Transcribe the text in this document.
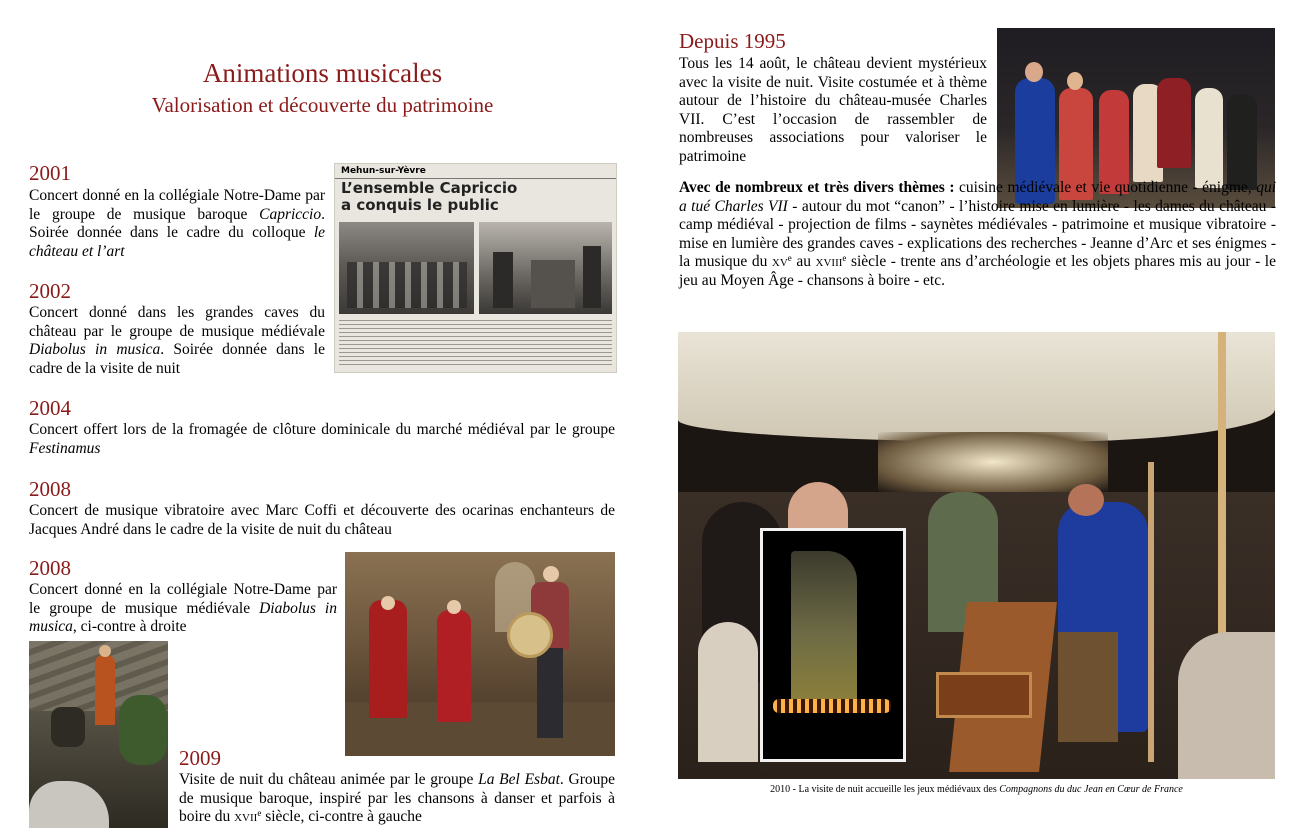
Animations musicales
Valorisation et découverte du patrimoine
2001

Concert donné en la collégiale Notre-Dame par le groupe de musique baroque Capriccio. Soirée donnée dans le cadre du colloque le château et l’art

Mehun-sur-Yèvre
L’ensemble Capriccio
a conquis le public
2002

Concert donné dans les grandes caves du château par le groupe de musique médiévale Diabolus in musica. Soirée donnée dans le cadre de la visite de nuit

2004

Concert offert lors de la fromagée de clôture dominicale du marché médiéval par le groupe Festinamus

2008

Concert de musique vibratoire avec Marc Coffi et découverte des ocarinas enchanteurs de Jacques André dans le cadre de la visite de nuit du château

2008

Concert donné en la collégiale Notre-Dame par le groupe de musique médiévale Diabolus in musica, ci-contre à droite

2009

Visite de nuit du château animée par le groupe La Bel Esbat. Groupe de musique baroque, inspiré par les chansons à danser et parfois à boire du xvii$^e$ siècle, ci-contre à gauche

Depuis 1995

Tous les 14 août, le château devient mystérieux avec la visite de nuit. Visite costumée et à thème autour de l’histoire du château-musée Charles VII. C’est l’occasion de rassembler de nombreuses associations pour valoriser le patrimoine

Avec de nombreux et très divers thèmes : cuisine médiévale et vie quotidienne - énigme, qui a tué Charles VII - autour du mot “canon” - l’histoire mise en lumière - les dames du château - camp médiéval - projection de films - saynètes médiévales - patrimoine et musique vibratoire - mise en lumière des grandes caves - explications des recherches - Jeanne d’Arc et ses énigmes - la musique du $xv^e$ au xviii$^e$ siècle - trente ans d’archéologie et les objets phares mis au jour - le jeu au Moyen Âge - chansons à boire - etc.

2010 - La visite de nuit accueille les jeux médiévaux des Compagnons du duc Jean en Cœur de France
